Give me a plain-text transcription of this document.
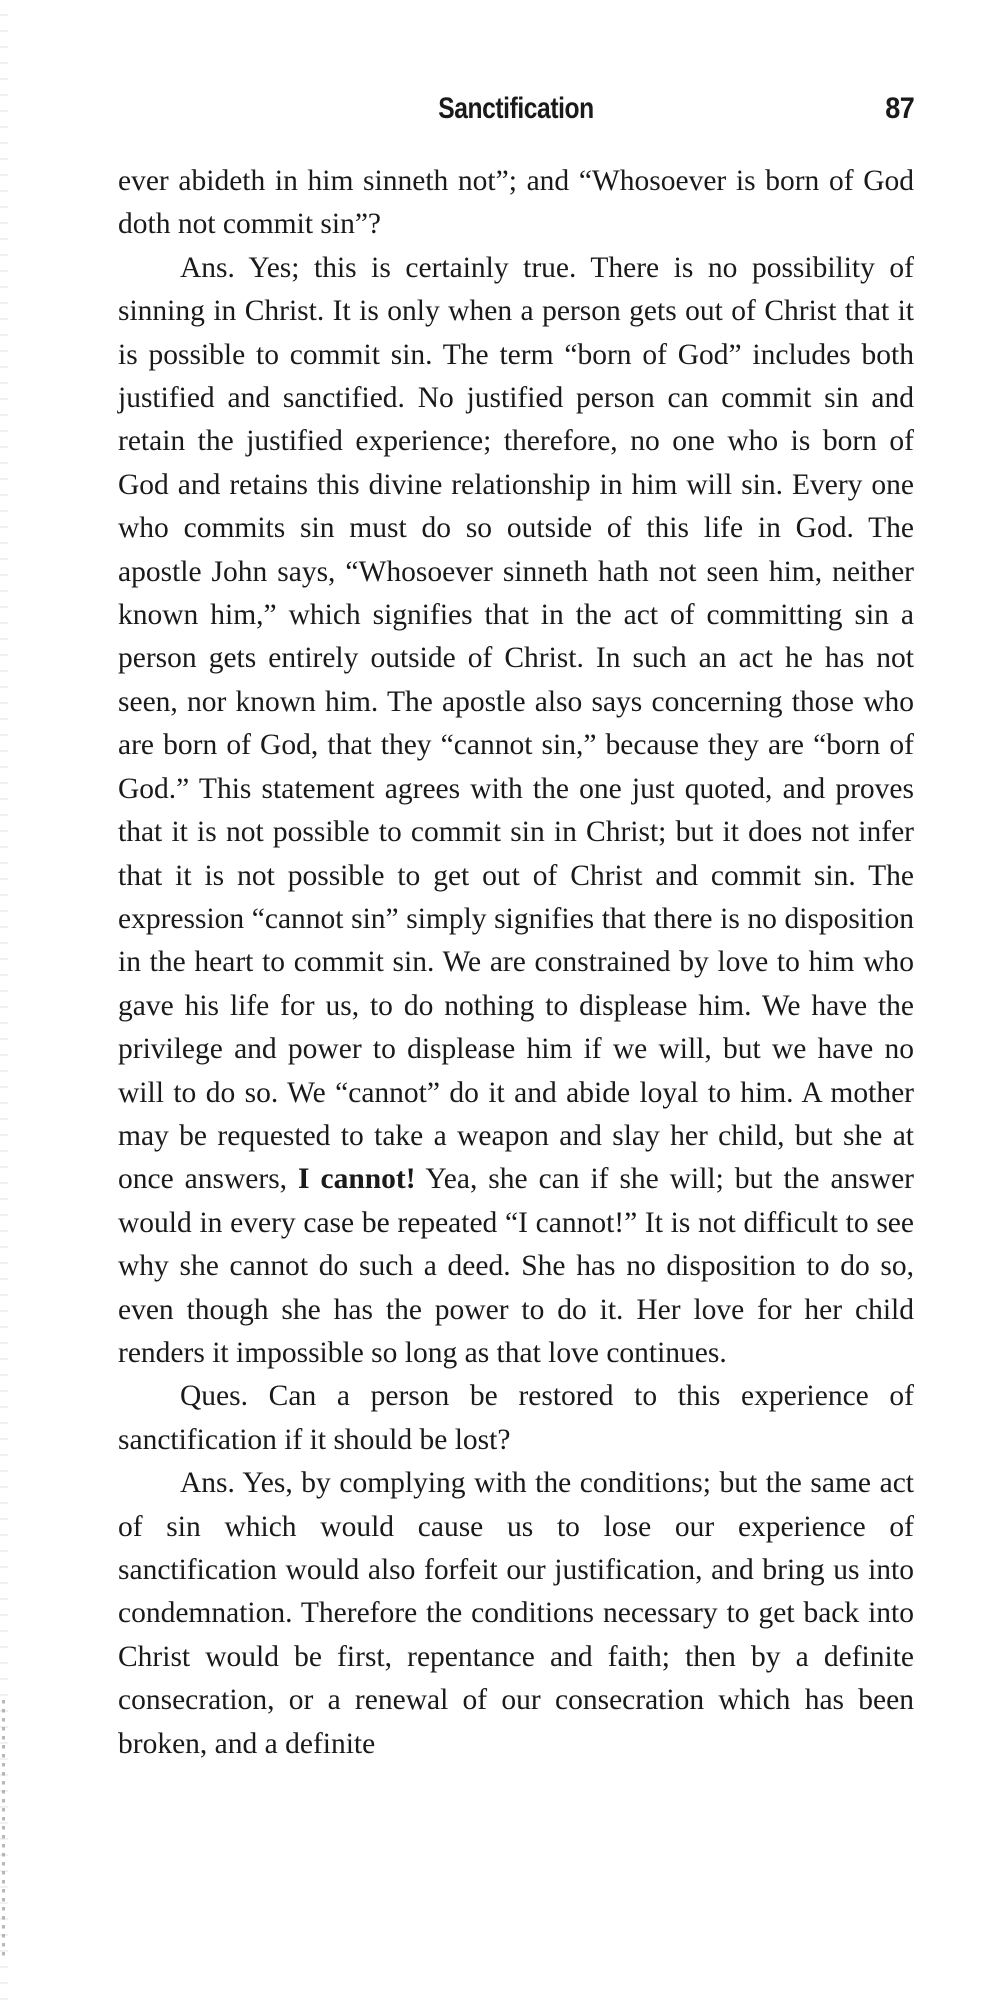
Sanctification	87

ever abideth in him sinneth not”; and “Whosoever is born of God doth not commit sin”?

Ans. Yes; this is certainly true. There is no possibility of sinning in Christ. It is only when a person gets out of Christ that it is possible to commit sin. The term “born of God” includes both justified and sanctified. No justified person can commit sin and retain the justified experience; therefore, no one who is born of God and retains this divine relationship in him will sin. Every one who commits sin must do so outside of this life in God. The apostle John says, “Whosoever sinneth hath not seen him, neither known him,” which signifies that in the act of committing sin a person gets entirely outside of Christ. In such an act he has not seen, nor known him. The apostle also says concerning those who are born of God, that they “cannot sin,” because they are “born of God.” This statement agrees with the one just quoted, and proves that it is not possible to commit sin in Christ; but it does not infer that it is not possible to get out of Christ and commit sin. The expression “cannot sin” simply signifies that there is no disposition in the heart to commit sin. We are constrained by love to him who gave his life for us, to do nothing to displease him. We have the privilege and power to displease him if we will, but we have no will to do so. We “cannot” do it and abide loyal to him. A mother may be requested to take a weapon and slay her child, but she at once answers, I cannot! Yea, she can if she will; but the answer would in every case be repeated “I cannot!” It is not difficult to see why she cannot do such a deed. She has no disposition to do so, even though she has the power to do it. Her love for her child renders it impossible so long as that love continues.

Ques. Can a person be restored to this experience of sanctification if it should be lost?

Ans. Yes, by complying with the conditions; but the same act of sin which would cause us to lose our experience of sanctification would also forfeit our justification, and bring us into condemnation. Therefore the conditions necessary to get back into Christ would be first, repentance and faith; then by a definite consecration, or a renewal of our consecration which has been broken, and a definite
